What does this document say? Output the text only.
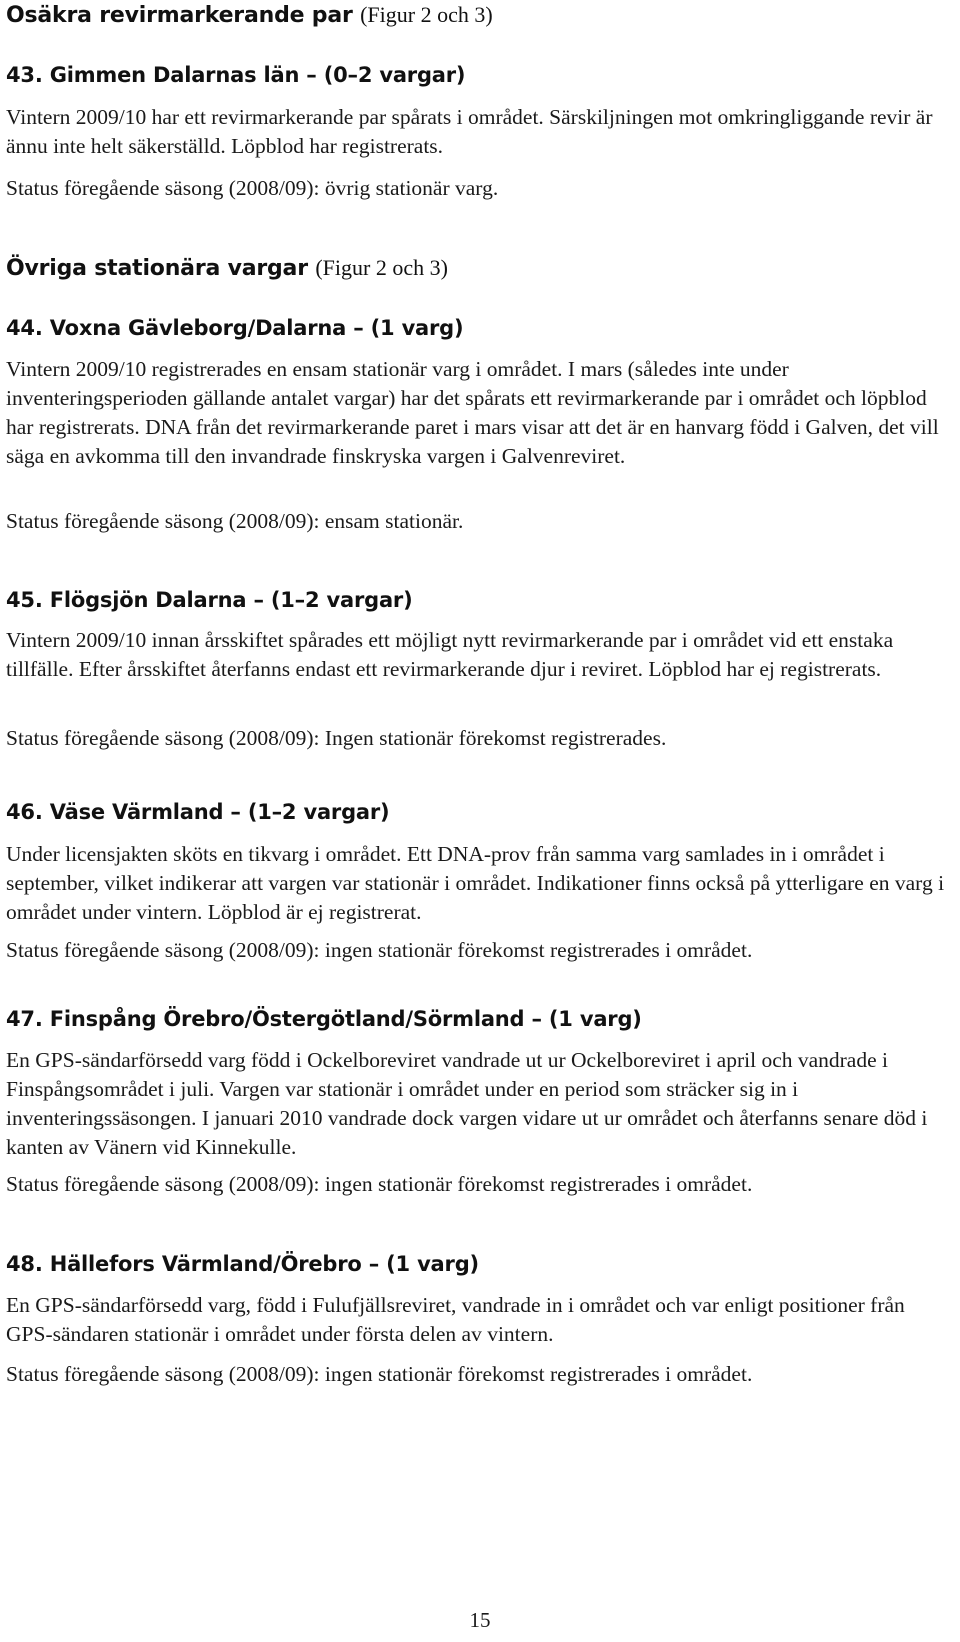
Osäkra revirmarkerande par (Figur 2 och 3)
43. Gimmen Dalarnas län – (0–2 vargar)
Vintern 2009/10 har ett revirmarkerande par spårats i området. Särskiljningen mot omkringliggande revir är ännu inte helt säkerställd. Löpblod har registrerats.
Status föregående säsong (2008/09): övrig stationär varg.
Övriga stationära vargar (Figur 2 och 3)
44. Voxna Gävleborg/Dalarna – (1 varg)
Vintern 2009/10 registrerades en ensam stationär varg i området. I mars (således inte under inventeringsperioden gällande antalet vargar) har det spårats ett revirmarkerande par i området och löpblod har registrerats. DNA från det revirmarkerande paret i mars visar att det är en hanvarg född i Galven, det vill säga en avkomma till den invandrade finskryska vargen i Galvenreviret.
Status föregående säsong (2008/09): ensam stationär.
45. Flögsjön Dalarna – (1–2 vargar)
Vintern 2009/10 innan årsskiftet spårades ett möjligt nytt revirmarkerande par i området vid ett enstaka tillfälle. Efter årsskiftet återfanns endast ett revirmarkerande djur i reviret. Löpblod har ej registrerats.
Status föregående säsong (2008/09): Ingen stationär förekomst registrerades.
46. Väse Värmland – (1–2 vargar)
Under licensjakten sköts en tikvarg i området. Ett DNA-prov från samma varg samlades in i området i september, vilket indikerar att vargen var stationär i området. Indikationer finns också på ytterligare en varg i området under vintern. Löpblod är ej registrerat.
Status föregående säsong (2008/09): ingen stationär förekomst registrerades i området.
47. Finspång Örebro/Östergötland/Sörmland – (1 varg)
En GPS-sändarförsedd varg född i Ockelboreviret vandrade ut ur Ockelboreviret i april och vandrade i Finspångsområdet i juli. Vargen var stationär i området under en period som sträcker sig in i inventeringssäsongen. I januari 2010 vandrade dock vargen vidare ut ur området och återfanns senare död i kanten av Vänern vid Kinnekulle.
Status föregående säsong (2008/09): ingen stationär förekomst registrerades i området.
48. Hällefors Värmland/Örebro – (1 varg)
En GPS-sändarförsedd varg, född i Fulufjällsreviret, vandrade in i området och var enligt positioner från GPS-sändaren stationär i området under första delen av vintern.
Status föregående säsong (2008/09): ingen stationär förekomst registrerades i området.
15
